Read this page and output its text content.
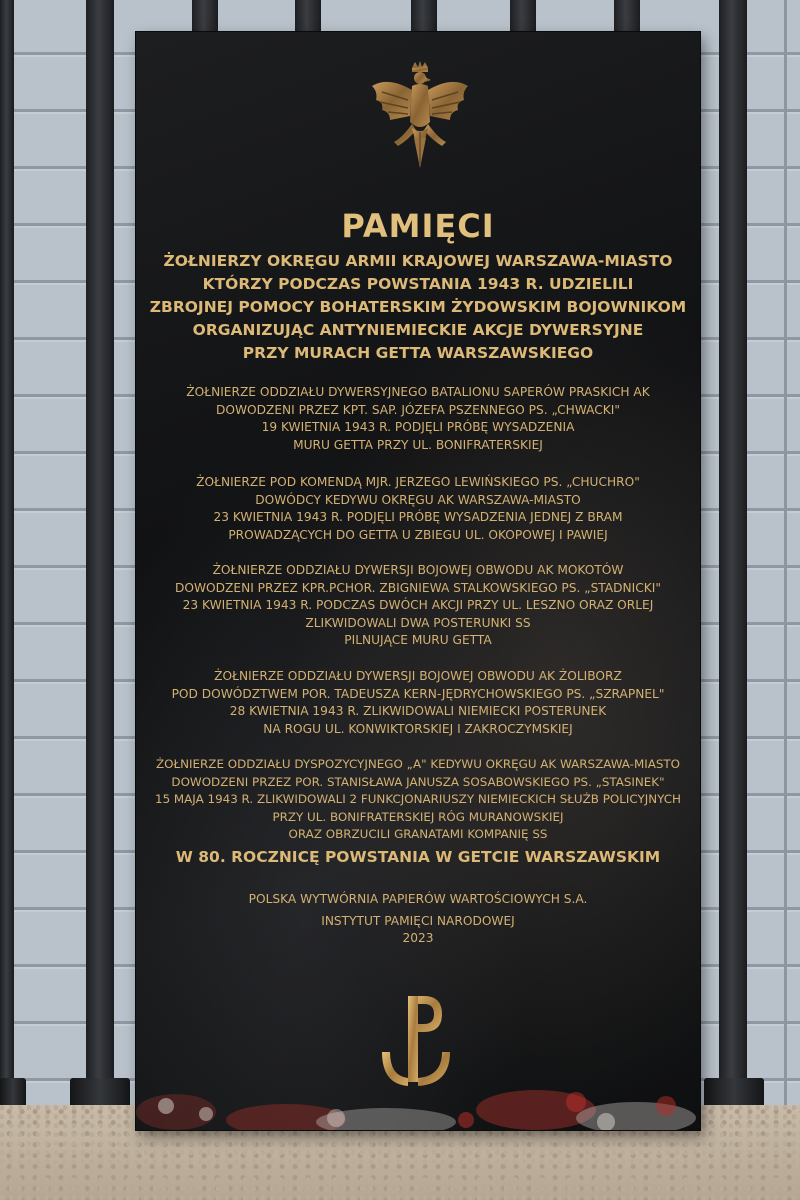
PAMIĘCI
ŻOŁNIERZY OKRĘGU ARMII KRAJOWEJ WARSZAWA-MIASTO
KTÓRZY PODCZAS POWSTANIA 1943 R. UDZIELILI
ZBROJNEJ POMOCY BOHATERSKIM ŻYDOWSKIM BOJOWNIKOM
ORGANIZUJĄC ANTYNIEMIECKIE AKCJE DYWERSYJNE
PRZY MURACH GETTA WARSZAWSKIEGO
ŻOŁNIERZE ODDZIAŁU DYWERSYJNEGO BATALIONU SAPERÓW PRASKICH AK
DOWODZENI PRZEZ KPT. SAP. JÓZEFA PSZENNEGO PS. „CHWACKI"
19 KWIETNIA 1943 R. PODJĘLI PRÓBĘ WYSADZENIA
MURU GETTA PRZY UL. BONIFRATERSKIEJ
ŻOŁNIERZE POD KOMENDĄ MJR. JERZEGO LEWIŃSKIEGO PS. „CHUCHRO"
DOWÓDCY KEDYWU OKRĘGU AK WARSZAWA-MIASTO
23 KWIETNIA 1943 R. PODJĘLI PRÓBĘ WYSADZENIA JEDNEJ Z BRAM
PROWADZĄCYCH DO GETTA U ZBIEGU UL. OKOPOWEJ I PAWIEJ
ŻOŁNIERZE ODDZIAŁU DYWERSJI BOJOWEJ OBWODU AK MOKOTÓW
DOWODZENI PRZEZ KPR.PCHOR. ZBIGNIEWA STALKOWSKIEGO PS. „STADNICKI"
23 KWIETNIA 1943 R. PODCZAS DWÓCH AKCJI PRZY UL. LESZNO ORAZ ORLEJ
ZLIKWIDOWALI DWA POSTERUNKI SS
PILNUJĄCE MURU GETTA
ŻOŁNIERZE ODDZIAŁU DYWERSJI BOJOWEJ OBWODU AK ŻOLIBORZ
POD DOWÓDZTWEM POR. TADEUSZA KERN-JĘDRYCHOWSKIEGO PS. „SZRAPNEL"
28 KWIETNIA 1943 R. ZLIKWIDOWALI NIEMIECKI POSTERUNEK
NA ROGU UL. KONWIKTORSKIEJ I ZAKROCZYMSKIEJ
ŻOŁNIERZE ODDZIAŁU DYSPOZYCYJNEGO „A" KEDYWU OKRĘGU AK WARSZAWA-MIASTO
DOWODZENI PRZEZ POR. STANISŁAWA JANUSZA SOSABOWSKIEGO PS. „STASINEK"
15 MAJA 1943 R. ZLIKWIDOWALI 2 FUNKCJONARIUSZY NIEMIECKICH SŁUŻB POLICYJNYCH
PRZY UL. BONIFRATERSKIEJ RÓG MURANOWSKIEJ
ORAZ OBRZUCILI GRANATAMI KOMPANIĘ SS
W 80. ROCZNICĘ POWSTANIA W GETCIE WARSZAWSKIM
POLSKA WYTWÓRNIA PAPIERÓW WARTOŚCIOWYCH S.A.
INSTYTUT PAMIĘCI NARODOWEJ
2023
